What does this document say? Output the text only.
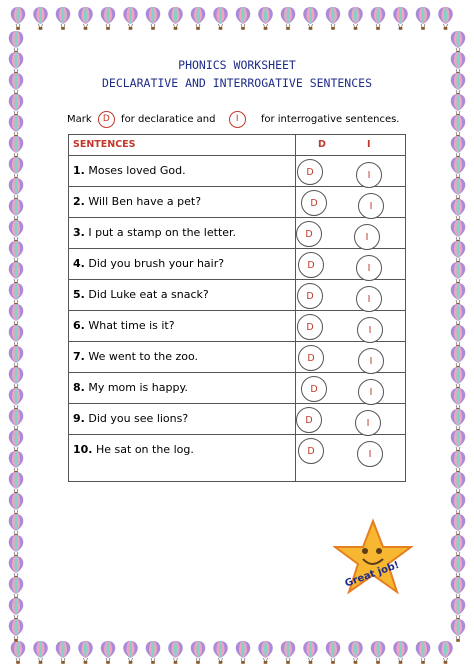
PHONICS WORKSHEET
DECLARATIVE AND INTERROGATIVE SENTENCES
Mark D for declaratice and I for interrogative sentences.
SENTENCES	D	I
1. Moses loved God.	D	I
2. Will Ben have a pet?	D	I
3. I put a stamp on the letter.	D	I
4. Did you brush your hair?	D	I
5. Did Luke eat a snack?	D	I
6. What time is it?	D	I
7. We went to the zoo.	D	I
8. My mom is happy.	D	I
9. Did you see lions?	D	I
10. He sat on the log.	D	I
Great job!
